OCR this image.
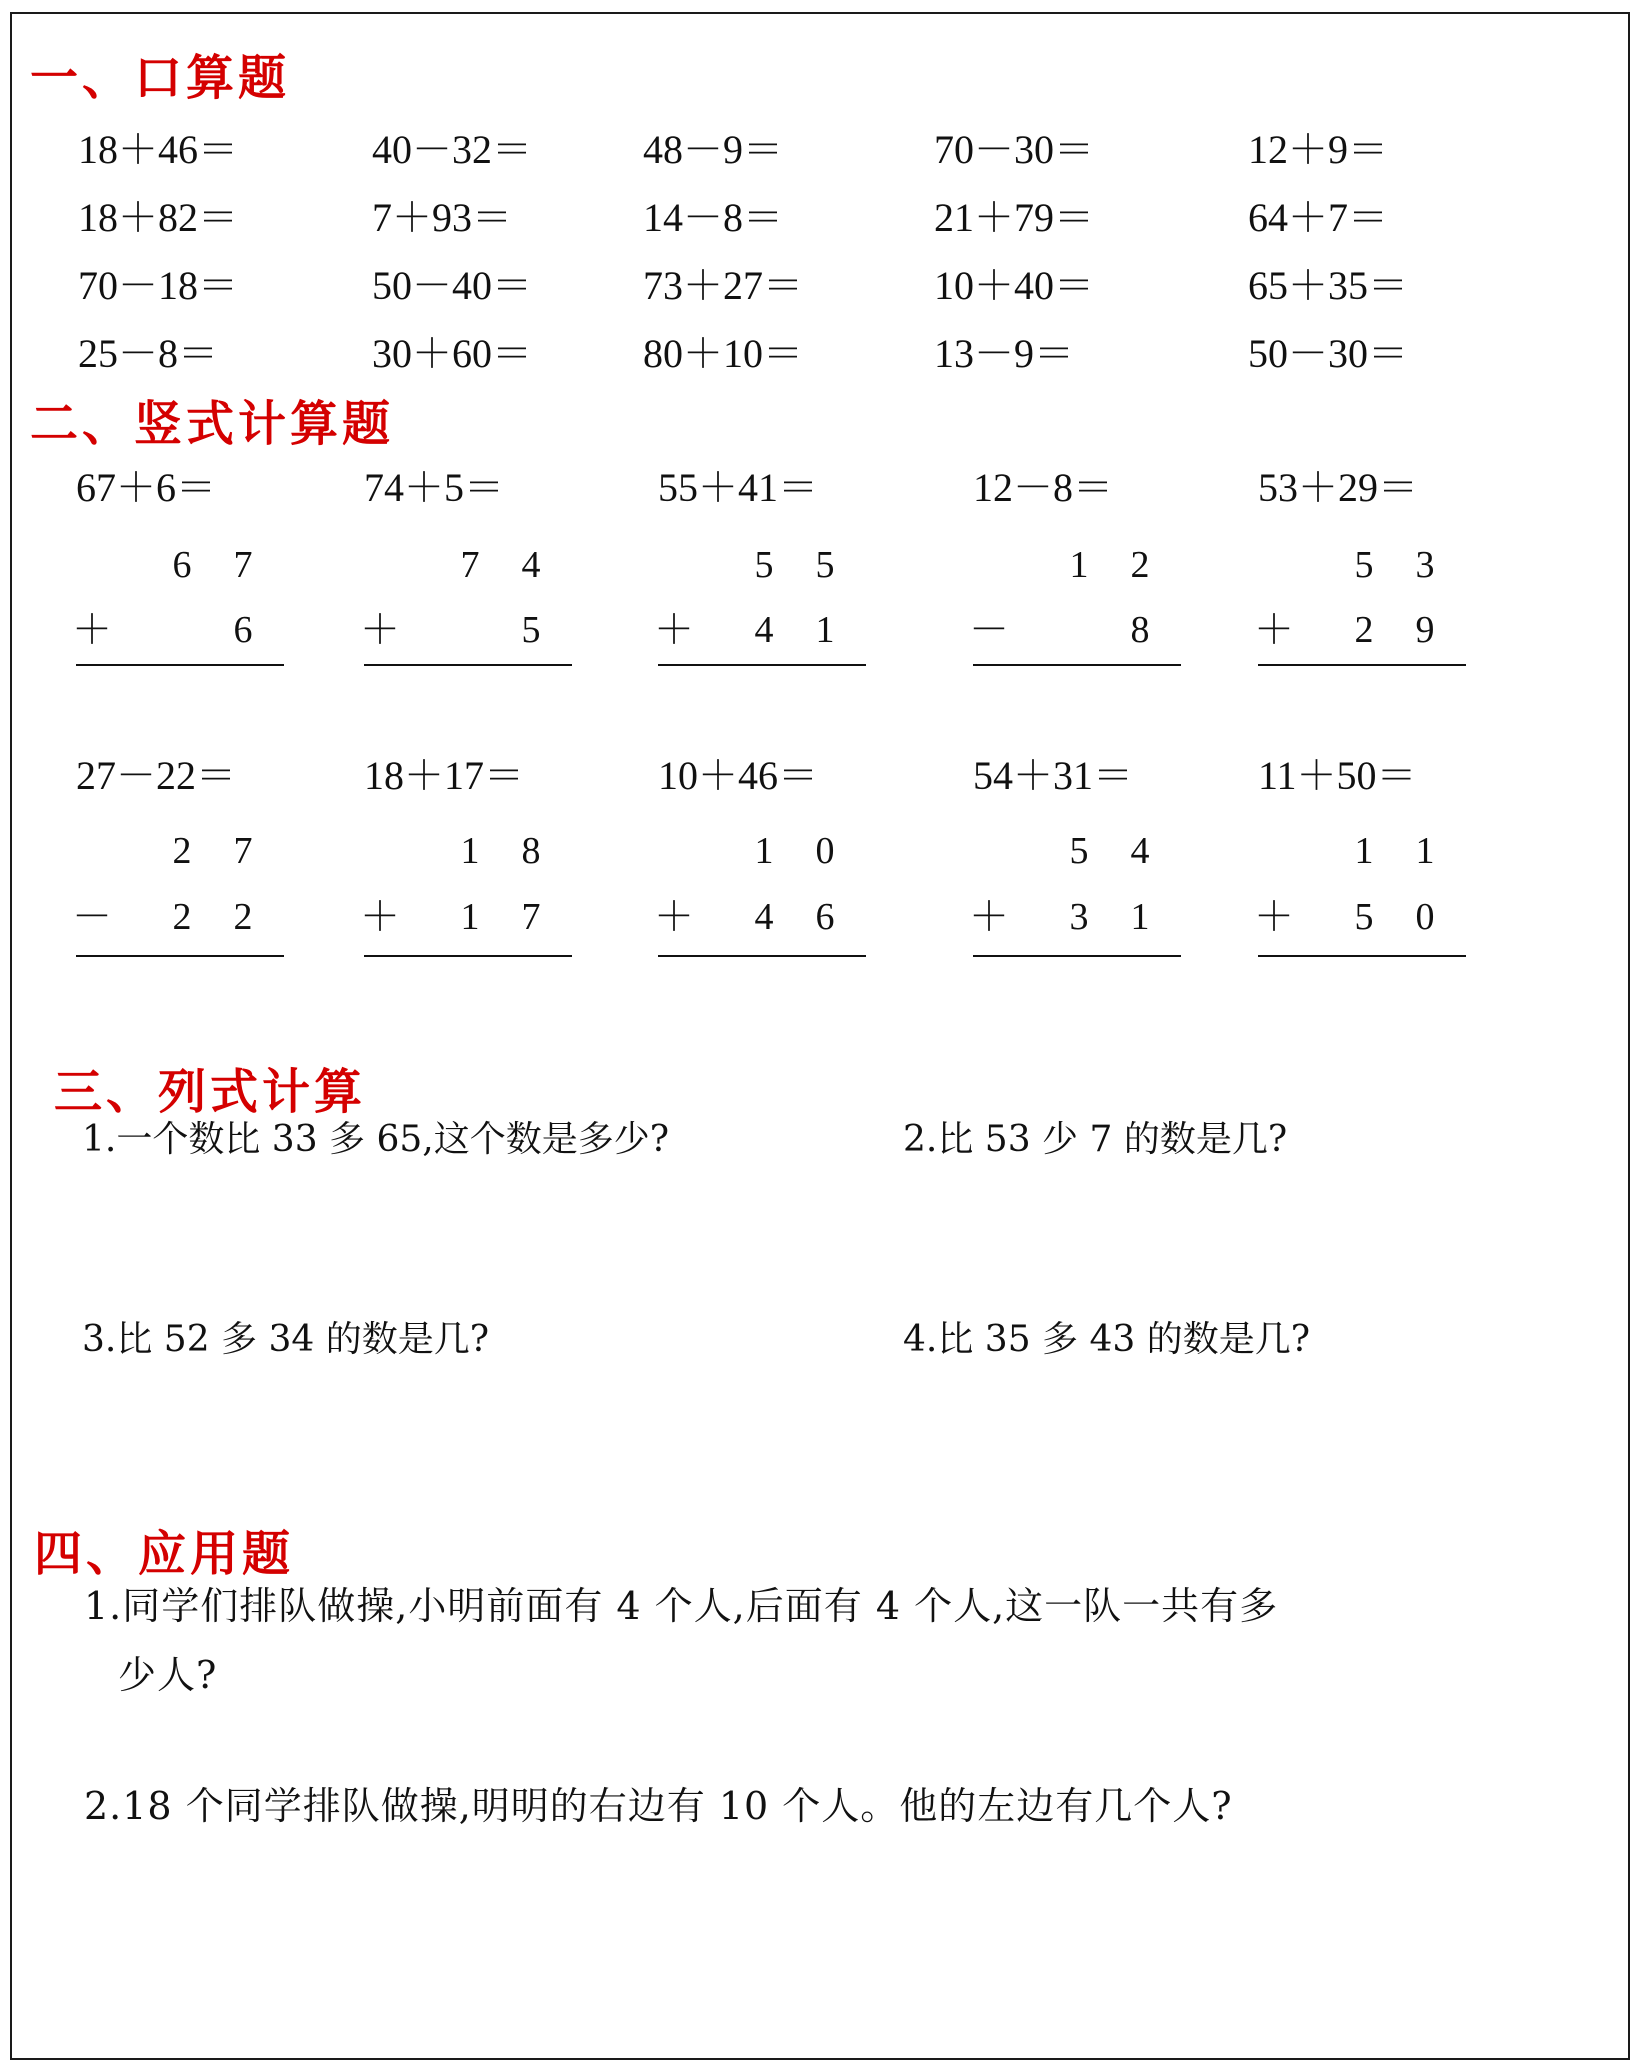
一、口算题
18＋46＝	40－32＝	48－9＝	70－30＝	12＋9＝
18＋82＝	7＋93＝	14－8＝	21＋79＝	64＋7＝
70－18＝	50－40＝	73＋27＝	10＋40＝	65＋35＝
25－8＝	30＋60＝	80＋10＝	13－9＝	50－30＝
二、竖式计算题
67＋6＝
6 7
＋	6
74＋5＝
7 4
＋	5
55＋41＝
5 5
＋ 4 1
12－8＝
1 2
－	8
53＋29＝
5 3
＋ 2 9
27－22＝
2 7
－ 2 2
18＋17＝
1 8
＋ 1 7
10＋46＝
1 0
＋ 4 6
54＋31＝
5 4
＋ 3 1
11＋50＝
1 1
＋ 5 0
三、列式计算
1.一个数比 33 多 65,这个数是多少?	2.比 53 少 7 的数是几?
3.比 52 多 34 的数是几?	4.比 35 多 43 的数是几?
四、应用题
1.同学们排队做操,小明前面有 4 个人,后面有 4 个人,这一队一共有多
少人?
2.18 个同学排队做操,明明的右边有 10 个人。他的左边有几个人?
